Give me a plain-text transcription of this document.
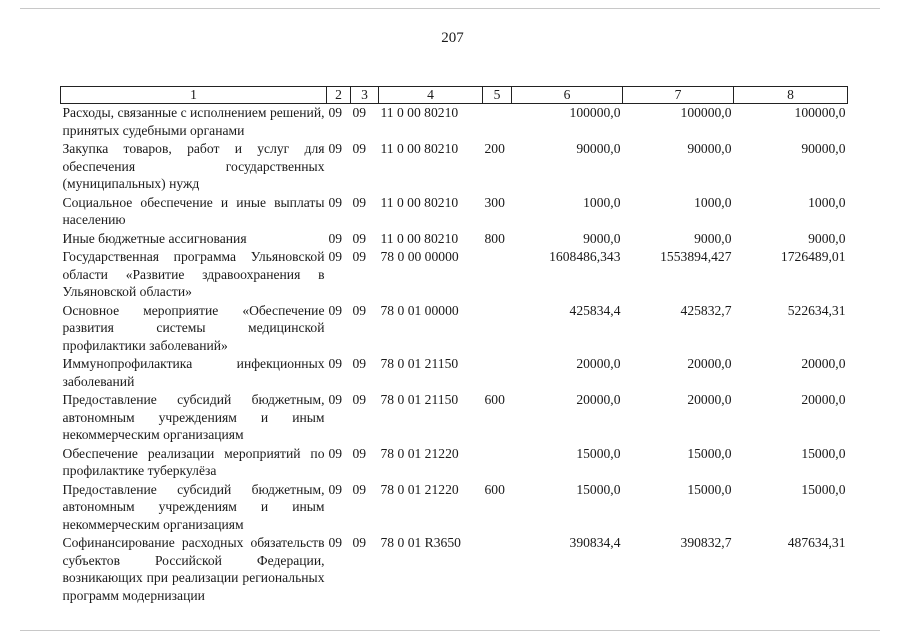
207
1	2	3	4	5	6	7	8
Расходы, связанные с исполнением решений, принятых судебными органами	09	09	11 0 00 80210		100000,0	100000,0	100000,0
Закупка товаров, работ и услуг для обеспечения государственных (муниципальных) нужд	09	09	11 0 00 80210	200	90000,0	90000,0	90000,0
Социальное обеспечение и иные выплаты населению	09	09	11 0 00 80210	300	1000,0	1000,0	1000,0
Иные бюджетные ассигнования	09	09	11 0 00 80210	800	9000,0	9000,0	9000,0
Государственная программа Ульяновской области «Развитие здравоохранения в Ульяновской области»	09	09	78 0 00 00000		1608486,343	1553894,427	1726489,01
Основное мероприятие «Обеспечение развития системы медицинской профилактики заболеваний»	09	09	78 0 01 00000		425834,4	425832,7	522634,31
Иммунопрофилактика инфекционных заболеваний	09	09	78 0 01 21150		20000,0	20000,0	20000,0
Предоставление субсидий бюджетным, автономным учреждениям и иным некоммерческим организациям	09	09	78 0 01 21150	600	20000,0	20000,0	20000,0
Обеспечение реализации мероприятий по профилактике туберкулёза	09	09	78 0 01 21220		15000,0	15000,0	15000,0
Предоставление субсидий бюджетным, автономным учреждениям и иным некоммерческим организациям	09	09	78 0 01 21220	600	15000,0	15000,0	15000,0
Софинансирование расходных обязательств субъектов Российской Федерации, возникающих при реализации региональных программ модернизации	09	09	78 0 01 R3650		390834,4	390832,7	487634,31
